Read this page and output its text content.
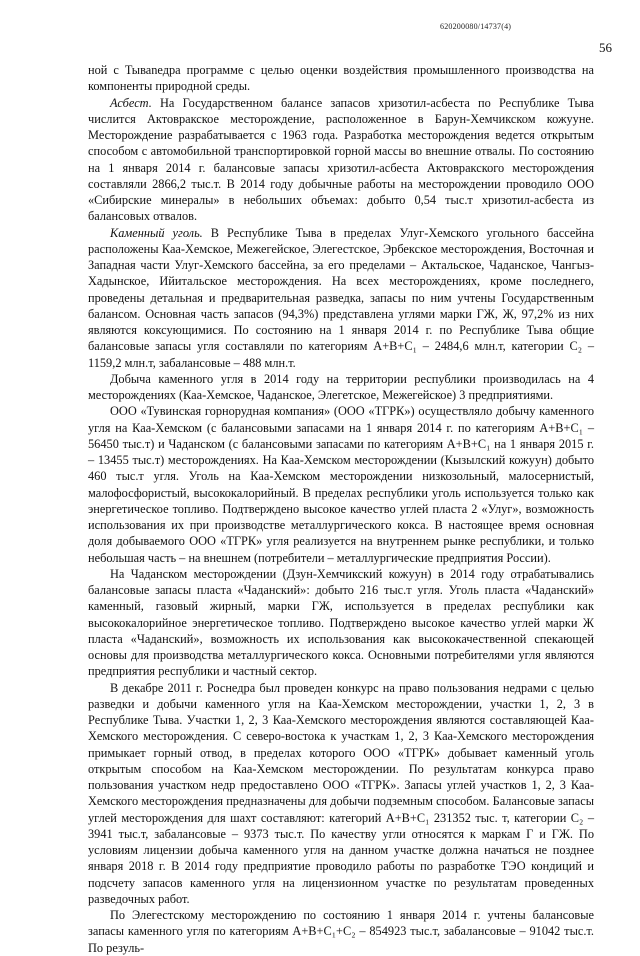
620200080/14737(4)
56

ной с Тываnедра программе с целью оценки воздействия промышленного производства на компоненты природной среды.

Асбест. На Государственном балансе запасов хризотил-асбеста по Республике Тыва числится Актовракское месторождение, расположенное в Барун-Хемчикском кожууне. Месторождение разрабатывается с 1963 года. Разработка месторождения ведется открытым способом с автомобильной транспортировкой горной массы во внешние отвалы. По состоянию на 1 января 2014 г. балансовые запасы хризотил-асбеста Актовракского месторождения составляли 2866,2 тыс.т. В 2014 году добычные работы на месторождении проводило ООО «Сибирские минералы» в небольших объемах: добыто 0,54 тыс.т хризотил-асбеста из балансовых отвалов.

Каменный уголь. В Республике Тыва в пределах Улуг-Хемского угольного бассейна расположены Каа-Хемское, Межегейское, Элегестское, Эрбекское месторождения, Восточная и Западная части Улуг-Хемского бассейна, за его пределами – Актальское, Чаданское, Чангыз-Хадынское, Ийитальское месторождения. На всех месторождениях, кроме последнего, проведены детальная и предварительная разведка, запасы по ним учтены Государственным балансом. Основная часть запасов (94,3%) представлена углями марки ГЖ, Ж, 97,2% из них являются коксующимися. По состоянию на 1 января 2014 г. по Республике Тыва общие балансовые запасы угля составляли по категориям А+В+С₁ – 2484,6 млн.т, категории С₂ – 1159,2 млн.т, забалансовые – 488 млн.т.

Добыча каменного угля в 2014 году на территории республики производилась на 4 месторождениях (Каа-Хемское, Чаданское, Элегетское, Межегейское) 3 предприятиями.

ООО «Тувинская горнорудная компания» (ООО «ТГРК») осуществляло добычу каменного угля на Каа-Хемском (с балансовыми запасами на 1 января 2014 г. по категориям А+В+С₁ – 56450 тыс.т) и Чаданском (с балансовыми запасами по категориям А+В+С₁ на 1 января 2015 г. – 13455 тыс.т) месторождениях. На Каа-Хемском месторождении (Кызылский кожуун) добыто 460 тыс.т угля. Уголь на Каа-Хемском месторождении низкозольный, малосернистый, малофосфористый, высококалорийный. В пределах республики уголь используется только как энергетическое топливо. Подтверждено высокое качество углей пласта 2 «Улуг», возможность использования их при производстве металлургического кокса. В настоящее время основная доля добываемого ООО «ТГРК» угля реализуется на внутреннем рынке республики, и только небольшая часть – на внешнем (потребители – металлургические предприятия России).

На Чаданском месторождении (Дзун-Хемчикский кожуун) в 2014 году отрабатывались балансовые запасы пласта «Чаданский»: добыто 216 тыс.т угля. Уголь пласта «Чаданский» каменный, газовый жирный, марки ГЖ, используется в пределах республики как высококалорийное энергетическое топливо. Подтверждено высокое качество углей марки Ж пласта «Чаданский», возможность их использования как высококачественной спекающей основы для производства металлургического кокса. Основными потребителями угля являются предприятия республики и частный сектор.

В декабре 2011 г. Роснедра был проведен конкурс на право пользования недрами с целью разведки и добычи каменного угля на Каа-Хемском месторождении, участки 1, 2, 3 в Республике Тыва. Участки 1, 2, 3 Каа-Хемского месторождения являются составляющей Каа-Хемского месторождения. С северо-востока к участкам 1, 2, 3 Каа-Хемского месторождения примыкает горный отвод, в пределах которого ООО «ТГРК» добывает каменный уголь открытым способом на Каа-Хемском месторождении. По результатам конкурса право пользования участком недр предоставлено ООО «ТГРК». Запасы углей участков 1, 2, 3 Каа-Хемского месторождения предназначены для добычи подземным способом. Балансовые запасы углей месторождения для шахт составляют: категорий А+В+С₁ 231352 тыс. т, категории С₂ – 3941 тыс.т, забалансовые – 9373 тыс.т. По качеству угли относятся к маркам Г и ГЖ. По условиям лицензии добыча каменного угля на данном участке должна начаться не позднее января 2018 г. В 2014 году предприятие проводило работы по разработке ТЭО кондиций и подсчету запасов каменного угля на лицензионном участке по результатам проведенных разведочных работ.

По Элегестскому месторождению по состоянию 1 января 2014 г. учтены балансовые запасы каменного угля по категориям А+В+С₁+С₂ – 854923 тыс.т, забалансовые – 91042 тыс.т. По резуль-
